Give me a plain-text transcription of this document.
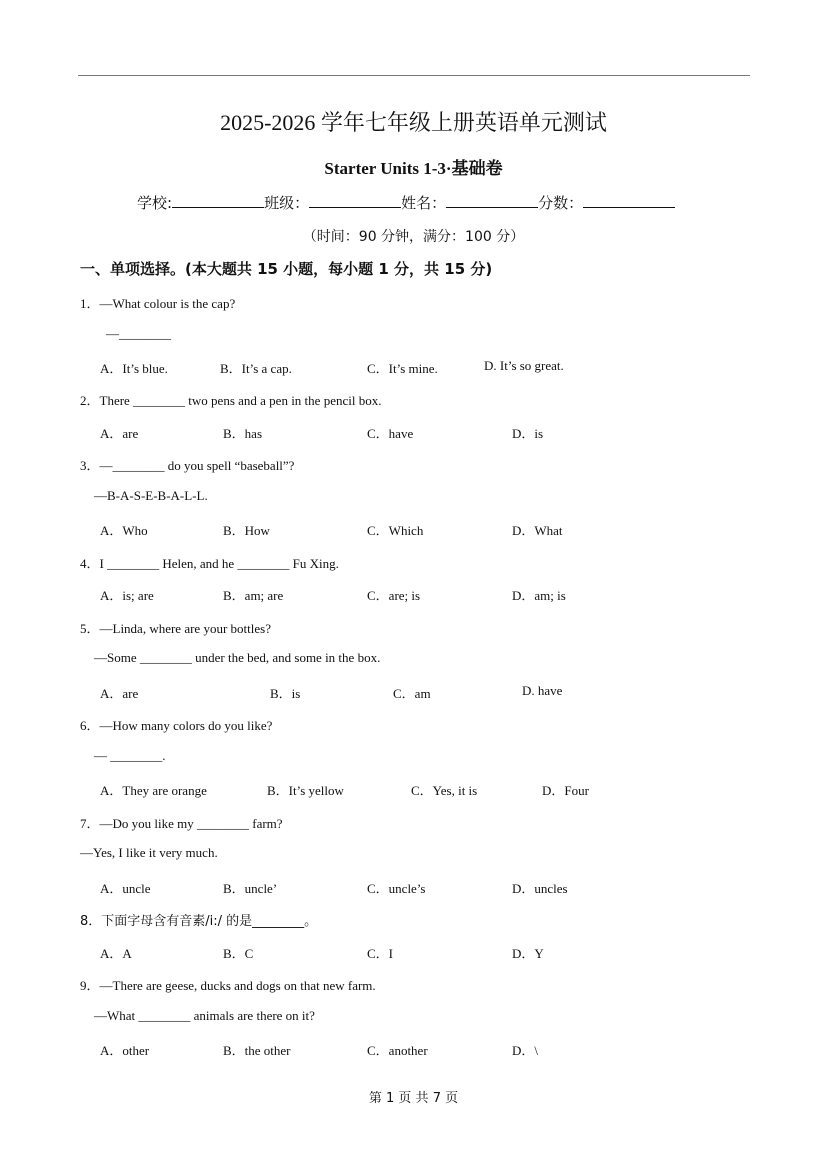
2025-2026 学年七年级上册英语单元测试
Starter Units 1-3·基础卷
学校:	班级：	姓名：	分数：
（时间：90 分钟，满分：100 分）
一、单项选择。(本大题共 15 小题，每小题 1 分，共 15 分)
1．—What colour is the cap?
—________
A．It’s blue.	B．It’s a cap.	C．It’s mine.	D. It’s so great.
2．There ________ two pens and a pen in the pencil box.
A．are	B．has	C．have	D．is
3．—________ do you spell “baseball”?
—B-A-S-E-B-A-L-L.
A．Who	B．How	C．Which	D．What
4．I ________ Helen, and he ________ Fu Xing.
A．is; are	B．am; are	C．are; is	D．am; is
5．—Linda, where are your bottles?
—Some ________ under the bed, and some in the box.
A．are	B．is	C．am	D. have
6．—How many colors do you like?
— ________.
A．They are orange	B．It’s yellow	C．Yes, it is	D．Four
7．—Do you like my ________ farm?
—Yes, I like it very much.
A．uncle	B．uncle’	C．uncle’s	D．uncles
8．下面字母含有音素/i:/ 的是________。
A．A	B．C	C．I	D．Y
9．—There are geese, ducks and dogs on that new farm.
—What ________ animals are there on it?
A．other	B．the other	C．another	D．\
第 1 页 共 7 页
